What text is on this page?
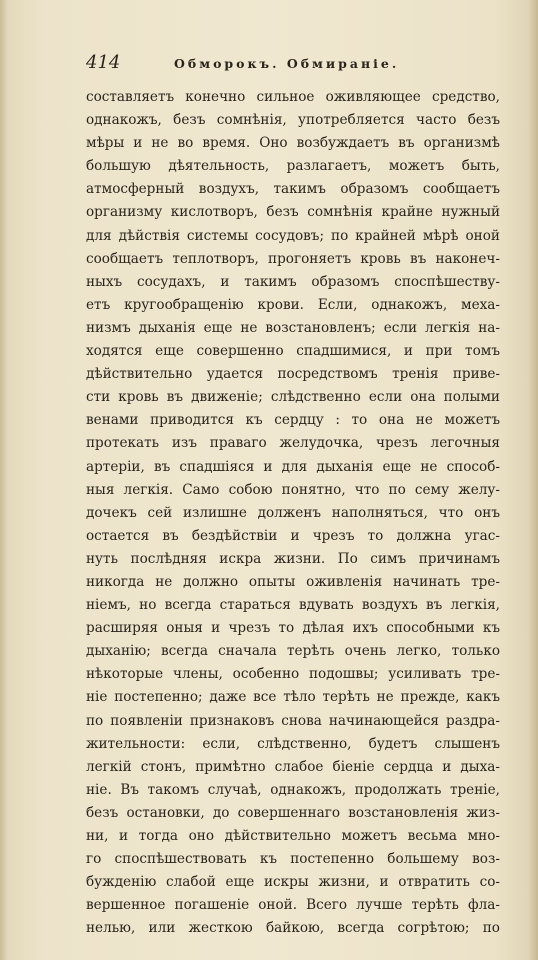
414	Обморокъ. Обмираніе.
составляетъ конечно сильное оживляющее средство,
однакожъ, безъ сомнѣнія, употребляется часто безъ
мѣры и не во время. Оно возбуждаетъ въ организмѣ
большую дѣятельность, разлагаетъ, можетъ быть,
атмосферный воздухъ, такимъ образомъ сообщаетъ
организму кислотворъ, безъ сомнѣнія крайне нужный
для дѣйствія системы сосудовъ; по крайней мѣрѣ оной
сообщаетъ теплотворъ, прогоняетъ кровь въ наконеч-
ныхъ сосудахъ, и такимъ образомъ споспѣшеству-
етъ кругообращенію крови. Если, однакожъ, меха-
низмъ дыханія еще не возстановленъ; если легкія на-
ходятся еще совершенно спадшимися, и при томъ
дѣйствительно удается посредствомъ тренія приве-
сти кровь въ движеніе; слѣдственно если она полыми
венами приводится къ сердцу : то она не можетъ
протекать изъ праваго желудочка, чрезъ легочныя
артеріи, въ спадшіяся и для дыханія еще не способ-
ныя легкія. Само собою понятно, что по сему желу-
дочекъ сей излишне долженъ наполняться, что онъ
остается въ бездѣйствіи и чрезъ то должна угас-
нуть послѣдняя искра жизни. По симъ причинамъ
никогда не должно опыты оживленія начинать тре-
ніемъ, но всегда стараться вдувать воздухъ въ легкія,
расширяя оныя и чрезъ то дѣлая ихъ способными къ
дыханію; всегда сначала терѣть очень легко, только
нѣкоторые члены, особенно подошвы; усиливать тре-
ніе постепенно; даже все тѣло терѣть не прежде, какъ
по появленіи признаковъ снова начинающейся раздра-
жительности: если, слѣдственно, будетъ слышенъ
легкій стонъ, примѣтно слабое біеніе сердца и дыха-
ніе. Въ такомъ случаѣ, однакожъ, продолжать треніе,
безъ остановки, до совершеннаго возстановленія жиз-
ни, и тогда оно дѣйствительно можетъ весьма мно-
го споспѣшествовать къ постепенно большему воз-
бужденію слабой еще искры жизни, и отвратить со-
вершенное погашеніе оной. Всего лучше терѣть фла-
нелью, или жесткою байкою, всегда согрѣтою; по
